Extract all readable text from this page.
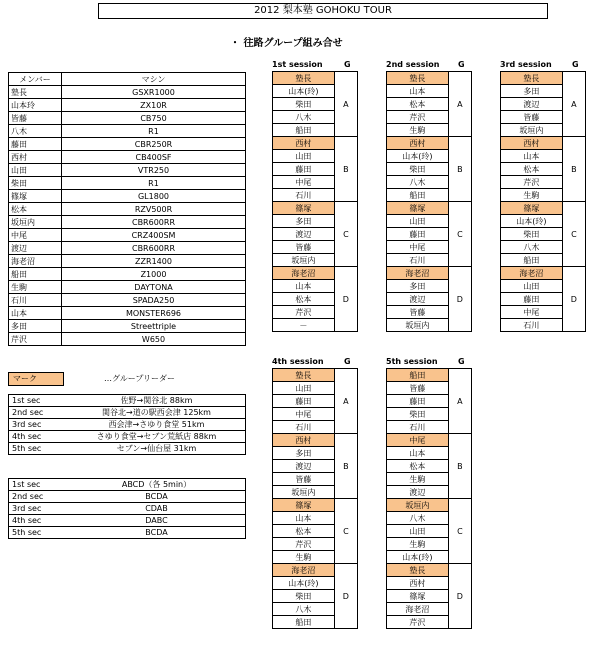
2012 梨本塾 GOHOKU TOUR
・ 往路グループ組み合せ
メンバー	マシン
塾長	GSXR1000
山本玲	ZX10R
皆藤	CB750
八木	R1
藤田	CBR250R
西村	CB400SF
山田	VTR250
柴田	R1
篠塚	GL1800
松本	RZV500R
坂垣内	CBR600RR
中尾	CRZ400SM
渡辺	CBR600RR
海老沼	ZZR1400
船田	Z1000
生駒	DAYTONA
石川	SPADA250
山本	MONSTER696
多田	Streettriple
芹沢	W650
マーク	…グループリーダー
1st sec	佐野→関谷北 88km
2nd sec	関谷北→道の駅西会津 125km
3rd sec	西会津→さゆり食堂 51km
4th sec	さゆり食堂→セブン荒紙店 88km
5th sec	セブン→仙台屋 31km
1st sec	ABCD（各 5min）
2nd sec	BCDA
3rd sec	CDAB
4th sec	DABC
5th sec	BCDA
1st session	G
塾長	A
山本(玲)	
柴田	
八木	
船田	
西村	B
山田	
藤田	
中尾	
石川	
篠塚	C
多田	
渡辺	
皆藤	
坂垣内	
海老沼	D
山本	
松本	
芹沢	
－	
2nd session G
塾長	A
山本	
松本	
芹沢	
生駒	
西村	B
山本(玲)	
柴田	
八木	
船田	
篠塚	C
山田	
藤田	
中尾	
石川	
海老沼	D
多田	
渡辺	
皆藤	
坂垣内	
3rd session	G
塾長	A
多田	
渡辺	
皆藤	
坂垣内	
西村	B
山本	
松本	
芹沢	
生駒	
篠塚	C
山本(玲)	
柴田	
八木	
船田	
海老沼	D
山田	
藤田	
中尾	
石川	
4th session	G
塾長	A
山田	
藤田	
中尾	
石川	
西村	B
多田	
渡辺	
皆藤	
坂垣内	
篠塚	C
山本	
松本	
芹沢	
生駒	
海老沼	D
山本(玲)	
柴田	
八木	
船田	
5th session	G
船田	A
皆藤	
藤田	
柴田	
石川	
中尾	B
山本	
松本	
生駒	
渡辺	
坂垣内	C
八木	
山田	
生駒	
山本(玲)	
塾長	D
西村	
篠塚	
海老沼	
芹沢	
